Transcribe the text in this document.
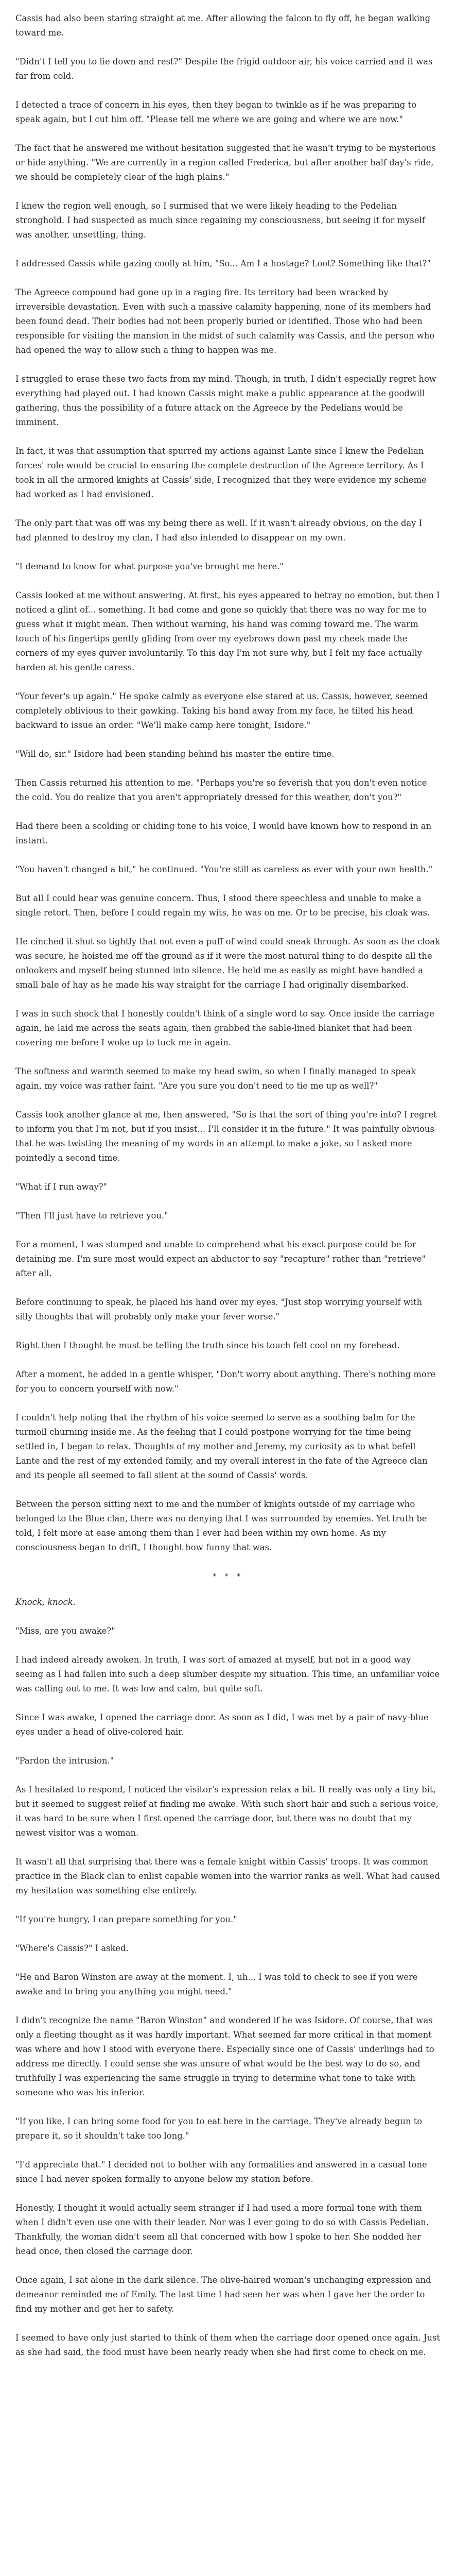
Cassis had also been staring straight at me. After allowing the falcon to fly off, he began walking toward me.

"Didn't I tell you to lie down and rest?" Despite the frigid outdoor air, his voice carried and it was far from cold.

I detected a trace of concern in his eyes, then they began to twinkle as if he was preparing to speak again, but I cut him off. "Please tell me where we are going and where we are now."

The fact that he answered me without hesitation suggested that he wasn't trying to be mysterious or hide anything. "We are currently in a region called Frederica, but after another half day's ride, we should be completely clear of the high plains."

I knew the region well enough, so I surmised that we were likely heading to the Pedelian stronghold. I had suspected as much since regaining my consciousness, but seeing it for myself was another, unsettling, thing.

I addressed Cassis while gazing coolly at him, "So... Am I a hostage? Loot? Something like that?"

The Agreece compound had gone up in a raging fire. Its territory had been wracked by irreversible devastation. Even with such a massive calamity happening, none of its members had been found dead. Their bodies had not been properly buried or identified. Those who had been responsible for visiting the mansion in the midst of such calamity was Cassis, and the person who had opened the way to allow such a thing to happen was me.

I struggled to erase these two facts from my mind. Though, in truth, I didn't especially regret how everything had played out. I had known Cassis might make a public appearance at the goodwill gathering, thus the possibility of a future attack on the Agreece by the Pedelians would be imminent.

In fact, it was that assumption that spurred my actions against Lante since I knew the Pedelian forces' role would be crucial to ensuring the complete destruction of the Agreece territory. As I took in all the armored knights at Cassis' side, I recognized that they were evidence my scheme had worked as I had envisioned.

The only part that was off was my being there as well. If it wasn't already obvious, on the day I had planned to destroy my clan, I had also intended to disappear on my own.

"I demand to know for what purpose you've brought me here."

Cassis looked at me without answering. At first, his eyes appeared to betray no emotion, but then I noticed a glint of... something. It had come and gone so quickly that there was no way for me to guess what it might mean. Then without warning, his hand was coming toward me. The warm touch of his fingertips gently gliding from over my eyebrows down past my cheek made the corners of my eyes quiver involuntarily. To this day I'm not sure why, but I felt my face actually harden at his gentle caress.

"Your fever's up again." He spoke calmly as everyone else stared at us. Cassis, however, seemed completely oblivious to their gawking. Taking his hand away from my face, he tilted his head backward to issue an order. "We'll make camp here tonight, Isidore."

"Will do, sir." Isidore had been standing behind his master the entire time.

Then Cassis returned his attention to me. "Perhaps you're so feverish that you don't even notice the cold. You do realize that you aren't appropriately dressed for this weather, don't you?"

Had there been a scolding or chiding tone to his voice, I would have known how to respond in an instant.

"You haven't changed a bit," he continued. "You're still as careless as ever with your own health."

But all I could hear was genuine concern. Thus, I stood there speechless and unable to make a single retort. Then, before I could regain my wits, he was on me. Or to be precise, his cloak was.

He cinched it shut so tightly that not even a puff of wind could sneak through. As soon as the cloak was secure, he hoisted me off the ground as if it were the most natural thing to do despite all the onlookers and myself being stunned into silence. He held me as easily as might have handled a small bale of hay as he made his way straight for the carriage I had originally disembarked.

I was in such shock that I honestly couldn't think of a single word to say. Once inside the carriage again, he laid me across the seats again, then grabbed the sable-lined blanket that had been covering me before I woke up to tuck me in again.

The softness and warmth seemed to make my head swim, so when I finally managed to speak again, my voice was rather faint. "Are you sure you don't need to tie me up as well?"

Cassis took another glance at me, then answered, "So is that the sort of thing you're into? I regret to inform you that I'm not, but if you insist... I'll consider it in the future." It was painfully obvious that he was twisting the meaning of my words in an attempt to make a joke, so I asked more pointedly a second time.

"What if I run away?"

"Then I'll just have to retrieve you."

For a moment, I was stumped and unable to comprehend what his exact purpose could be for detaining me. I'm sure most would expect an abductor to say "recapture" rather than "retrieve" after all.

Before continuing to speak, he placed his hand over my eyes. "Just stop worrying yourself with silly thoughts that will probably only make your fever worse."

Right then I thought he must be telling the truth since his touch felt cool on my forehead.

After a moment, he added in a gentle whisper, "Don't worry about anything. There's nothing more for you to concern yourself with now."

I couldn't help noting that the rhythm of his voice seemed to serve as a soothing balm for the turmoil churning inside me. As the feeling that I could postpone worrying for the time being settled in, I began to relax. Thoughts of my mother and Jeremy, my curiosity as to what befell Lante and the rest of my extended family, and my overall interest in the fate of the Agreece clan and its people all seemed to fall silent at the sound of Cassis' words.

Between the person sitting next to me and the number of knights outside of my carriage who belonged to the Blue clan, there was no denying that I was surrounded by enemies. Yet truth be told, I felt more at ease among them than I ever had been within my own home. As my consciousness began to drift, I thought how funny that was.

* * *

Knock, knock.

"Miss, are you awake?"

I had indeed already awoken. In truth, I was sort of amazed at myself, but not in a good way seeing as I had fallen into such a deep slumber despite my situation. This time, an unfamiliar voice was calling out to me. It was low and calm, but quite soft.

Since I was awake, I opened the carriage door. As soon as I did, I was met by a pair of navy-blue eyes under a head of olive-colored hair.

"Pardon the intrusion."

As I hesitated to respond, I noticed the visitor's expression relax a bit. It really was only a tiny bit, but it seemed to suggest relief at finding me awake. With such short hair and such a serious voice, it was hard to be sure when I first opened the carriage door, but there was no doubt that my newest visitor was a woman.

It wasn't all that surprising that there was a female knight within Cassis' troops. It was common practice in the Black clan to enlist capable women into the warrior ranks as well. What had caused my hesitation was something else entirely.

"If you're hungry, I can prepare something for you."

"Where's Cassis?" I asked.

"He and Baron Winston are away at the moment. I, uh... I was told to check to see if you were awake and to bring you anything you might need."

I didn't recognize the name "Baron Winston" and wondered if he was Isidore. Of course, that was only a fleeting thought as it was hardly important. What seemed far more critical in that moment was where and how I stood with everyone there. Especially since one of Cassis' underlings had to address me directly. I could sense she was unsure of what would be the best way to do so, and truthfully I was experiencing the same struggle in trying to determine what tone to take with someone who was his inferior.

"If you like, I can bring some food for you to eat here in the carriage. They've already begun to prepare it, so it shouldn't take too long."

"I'd appreciate that." I decided not to bother with any formalities and answered in a casual tone since I had never spoken formally to anyone below my station before.

Honestly, I thought it would actually seem stranger if I had used a more formal tone with them when I didn't even use one with their leader. Nor was I ever going to do so with Cassis Pedelian. Thankfully, the woman didn't seem all that concerned with how I spoke to her. She nodded her head once, then closed the carriage door.

Once again, I sat alone in the dark silence. The olive-haired woman's unchanging expression and demeanor reminded me of Emily. The last time I had seen her was when I gave her the order to find my mother and get her to safety.

I seemed to have only just started to think of them when the carriage door opened once again. Just as she had said, the food must have been nearly ready when she had first come to check on me.
